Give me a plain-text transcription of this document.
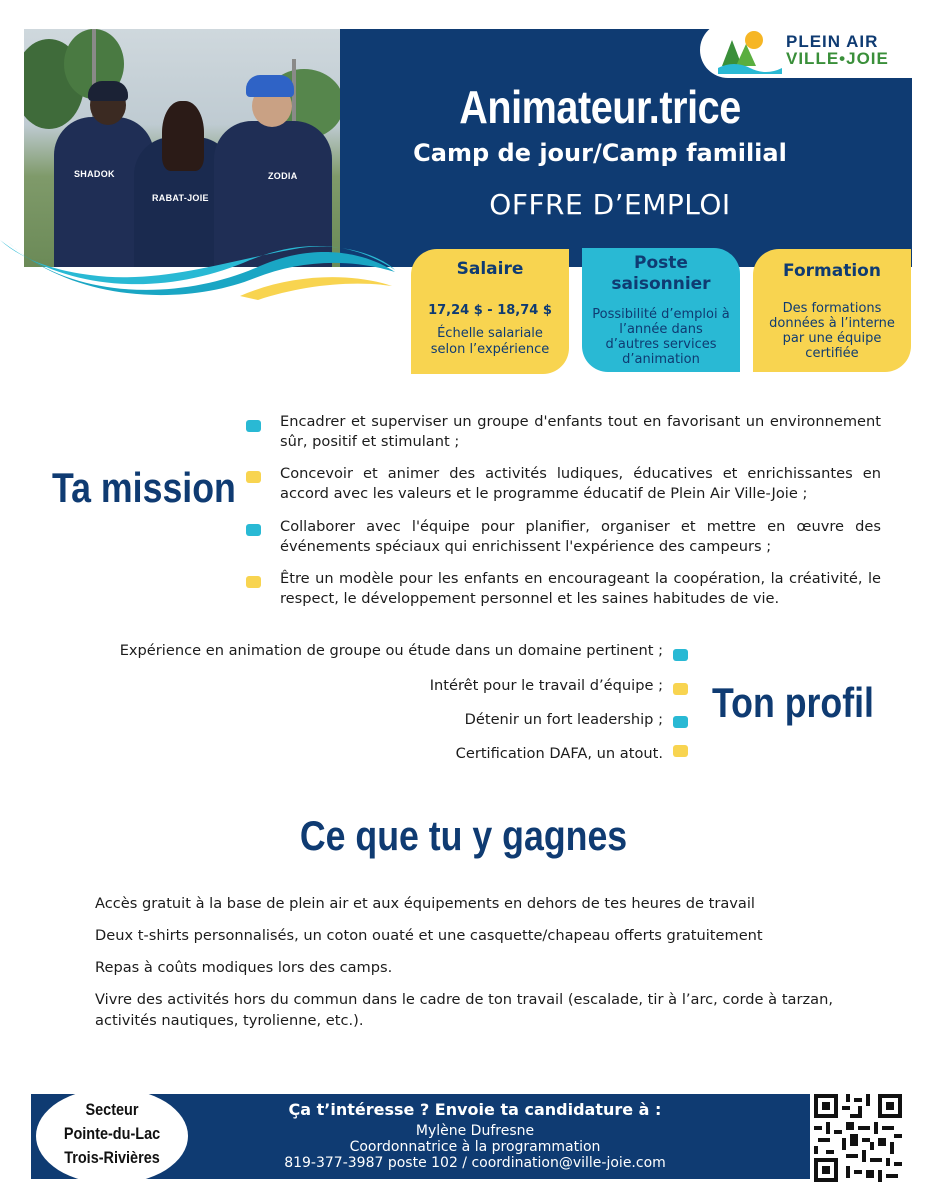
SHADOK
RABAT-JOIE
ZODIA
PLEIN AIR
VILLE•JOIE
Animateur.trice
Camp de jour/Camp familial
OFFRE D’EMPLOI
Salaire
17,24 $ - 18,74 $
Échelle salariale selon l’expérience
Poste saisonnier
Possibilité d’emploi à l’année dans d’autres services d’animation
Formation
Des formations données à l’interne par une équipe certifiée
Ta mission
Encadrer et superviser un groupe d'enfants tout en favorisant un environnement sûr, positif et stimulant ;
Concevoir et animer des activités ludiques, éducatives et enrichissantes en accord avec les valeurs et le programme éducatif de Plein Air Ville-Joie ;
Collaborer avec l'équipe pour planifier, organiser et mettre en œuvre des événements spéciaux qui enrichissent l'expérience des campeurs ;
Être un modèle pour les enfants en encourageant la coopération, la créativité, le respect, le développement personnel et les saines habitudes de vie.
Expérience en animation de groupe ou étude dans un domaine pertinent ;
Intérêt pour le travail d’équipe ;
Détenir un fort leadership ;
Certification DAFA, un atout.
Ton profil
Ce que tu y gagnes
Accès gratuit à la base de plein air et aux équipements en dehors de tes heures de travail
Deux t-shirts personnalisés, un coton ouaté et une casquette/chapeau offerts gratuitement
Repas à coûts modiques lors des camps.
Vivre des activités hors du commun dans le cadre de ton travail (escalade, tir à l’arc, corde à tarzan, activités nautiques, tyrolienne, etc.).
Secteur
Pointe-du-Lac
Trois-Rivières
Ça t’intéresse ? Envoie ta candidature à :
Mylène Dufresne
Coordonnatrice à la programmation
819-377-3987 poste 102 / coordination@ville-joie.com
